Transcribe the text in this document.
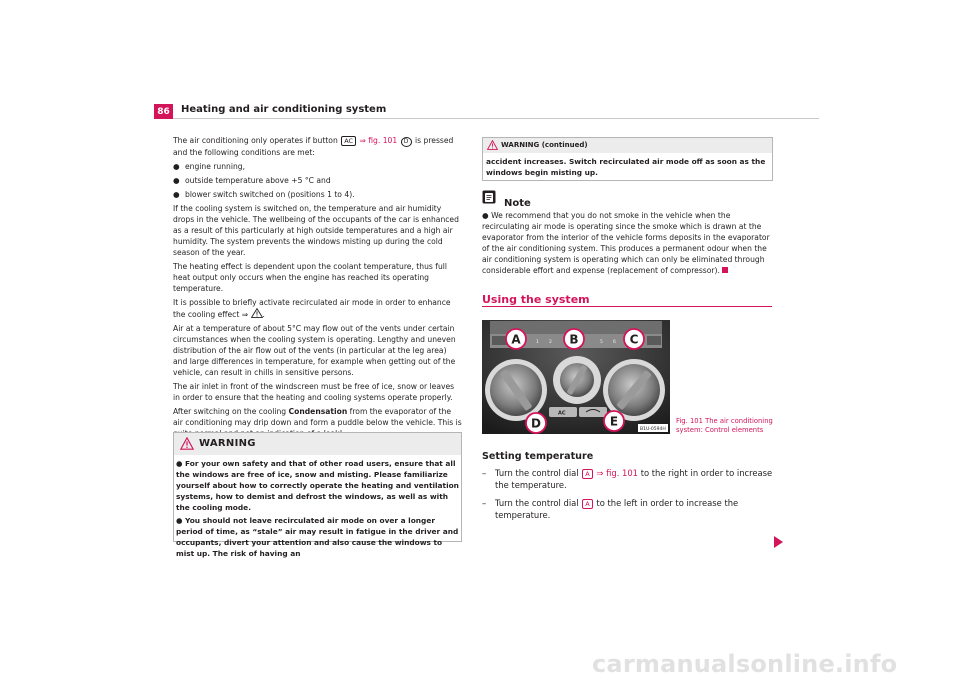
86	Heating and air conditioning system

The air conditioning only operates if button AC ⇒ fig. 101 D is pressed and the following conditions are met:

● engine running,
● outside temperature above +5 °C and
● blower switch switched on (positions 1 to 4).

If the cooling system is switched on, the temperature and air humidity drops in the vehicle. The wellbeing of the occupants of the car is enhanced as a result of this particularly at high outside temperatures and a high air humidity. The system prevents the windows misting up during the cold season of the year.

The heating effect is dependent upon the coolant temperature, thus full heat output only occurs when the engine has reached its operating temperature.

It is possible to briefly activate recirculated air mode in order to enhance the cooling effect ⇒ .

Air at a temperature of about 5°C may flow out of the vents under certain circumstances when the cooling system is operating. Lengthy and uneven distribution of the air flow out of the vents (in particular at the leg area) and large differences in temperature, for example when getting out of the vehicle, can result in chills in sensitive persons.

The air inlet in front of the windscreen must be free of ice, snow or leaves in order to ensure that the heating and cooling systems operate properly.

After switching on the cooling Condensation from the evaporator of the air conditioning may drip down and form a puddle below the vehicle. This is

WARNING

● For your own safety and that of other road users, ensure that all the windows are free of ice, snow and misting. Please familiarize yourself about how to correctly operate the heating and ventilation systems, how to demist and defrost the windows, as well as with the cooling mode.

● You should not leave recirculated air mode on over a longer period of time, as “stale” air may result in fatigue in the driver and occupants, divert your attention and also cause the windows to mist up. The risk of having an

WARNING (continued)
accident increases. Switch recirculated air mode off as soon as the windows begin misting up.
Note
● We recommend that you do not smoke in the vehicle when the recirculating air mode is operating since the smoke which is drawn at the evaporator from the interior of the vehicle forms deposits in the evaporator of the air conditioning system. This produces a permanent odour when the air conditioning system is operating which can only be eliminated through considerable effort and expense (replacement of compressor).
Using the system
1 2	5 6
AC
A	B	C
D	E
B1U-0594H
Fig. 101 The air conditioning
system: Control elements
Setting temperature
–	Turn the control dial A ⇒ fig. 101 to the right in order to increase the temperature.
–	Turn the control dial A to the left in order to increase the temperature.
carmanualsonline.info
